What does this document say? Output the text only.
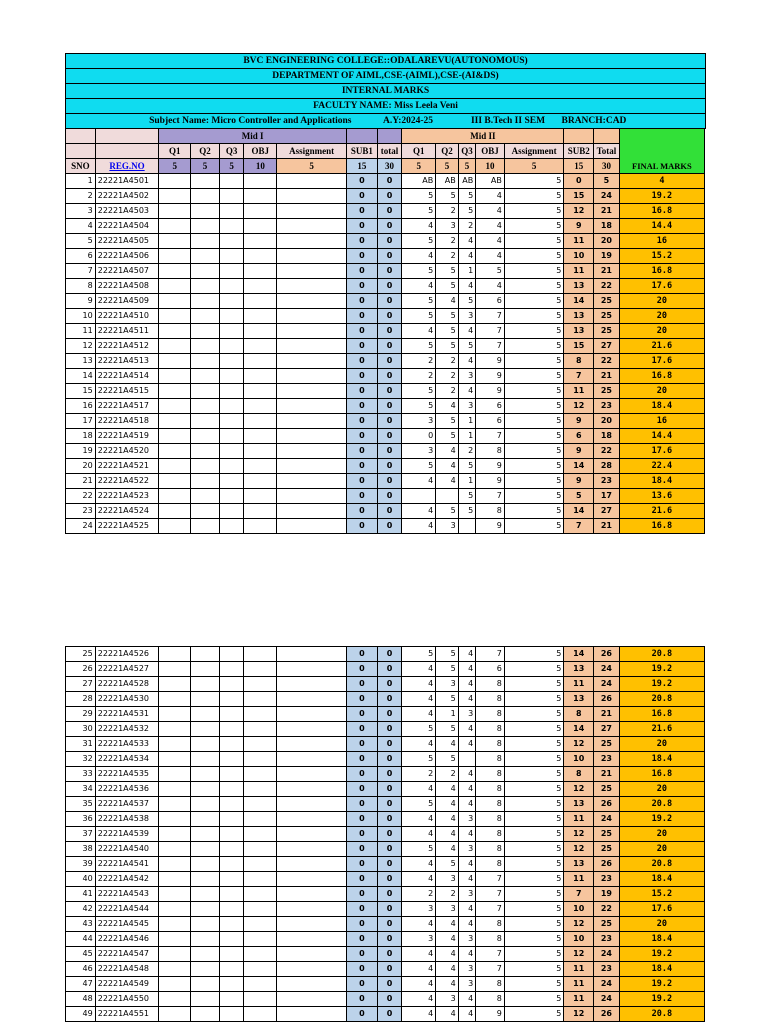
BVC ENGINEERING COLLEGE::ODALAREVU(AUTONOMOUS)
DEPARTMENT OF AIML,CSE-(AIML),CSE-(AI&DS)
INTERNAL MARKS
FACULTY NAME: Miss Leela Veni
Subject Name: Micro Controller and Applications	A.Y:2024-25	III B.Tech II SEM	BRANCH:CAD
		Mid I							Mid II							FINAL MARKS
		Q1	Q2	Q3	OBJ	Assignment	SUB1	total	Q1	Q2	Q3	OBJ	Assignment	SUB2	Total	
SNO	REG.NO	5	5	5	10	5	15	30	5	5	5	10	5	15	30	
1	22221A4501						0	0	AB	AB	AB	AB	5	0	5	4
2	22221A4502						0	0	5	5	5	4	5	15	24	19.2
3	22221A4503						0	0	5	2	5	4	5	12	21	16.8
4	22221A4504						0	0	4	3	2	4	5	9	18	14.4
5	22221A4505						0	0	5	2	4	4	5	11	20	16
6	22221A4506						0	0	4	2	4	4	5	10	19	15.2
7	22221A4507						0	0	5	5	1	5	5	11	21	16.8
8	22221A4508						0	0	4	5	4	4	5	13	22	17.6
9	22221A4509						0	0	5	4	5	6	5	14	25	20
10	22221A4510						0	0	5	5	3	7	5	13	25	20
11	22221A4511						0	0	4	5	4	7	5	13	25	20
12	22221A4512						0	0	5	5	5	7	5	15	27	21.6
13	22221A4513						0	0	2	2	4	9	5	8	22	17.6
14	22221A4514						0	0	2	2	3	9	5	7	21	16.8
15	22221A4515						0	0	5	2	4	9	5	11	25	20
16	22221A4517						0	0	5	4	3	6	5	12	23	18.4
17	22221A4518						0	0	3	5	1	6	5	9	20	16
18	22221A4519						0	0	0	5	1	7	5	6	18	14.4
19	22221A4520						0	0	3	4	2	8	5	9	22	17.6
20	22221A4521						0	0	5	4	5	9	5	14	28	22.4
21	22221A4522						0	0	4	4	1	9	5	9	23	18.4
22	22221A4523						0	0			5	7	5	5	17	13.6
23	22221A4524						0	0	4	5	5	8	5	14	27	21.6
24	22221A4525						0	0	4	3		9	5	7	21	16.8
25	22221A4526						0	0	5	5	4	7	5	14	26	20.8
26	22221A4527						0	0	4	5	4	6	5	13	24	19.2
27	22221A4528						0	0	4	3	4	8	5	11	24	19.2
28	22221A4530						0	0	4	5	4	8	5	13	26	20.8
29	22221A4531						0	0	4	1	3	8	5	8	21	16.8
30	22221A4532						0	0	5	5	4	8	5	14	27	21.6
31	22221A4533						0	0	4	4	4	8	5	12	25	20
32	22221A4534						0	0	5	5		8	5	10	23	18.4
33	22221A4535						0	0	2	2	4	8	5	8	21	16.8
34	22221A4536						0	0	4	4	4	8	5	12	25	20
35	22221A4537						0	0	5	4	4	8	5	13	26	20.8
36	22221A4538						0	0	4	4	3	8	5	11	24	19.2
37	22221A4539						0	0	4	4	4	8	5	12	25	20
38	22221A4540						0	0	5	4	3	8	5	12	25	20
39	22221A4541						0	0	4	5	4	8	5	13	26	20.8
40	22221A4542						0	0	4	3	4	7	5	11	23	18.4
41	22221A4543						0	0	2	2	3	7	5	7	19	15.2
42	22221A4544						0	0	3	3	4	7	5	10	22	17.6
43	22221A4545						0	0	4	4	4	8	5	12	25	20
44	22221A4546						0	0	3	4	3	8	5	10	23	18.4
45	22221A4547						0	0	4	4	4	7	5	12	24	19.2
46	22221A4548						0	0	4	4	3	7	5	11	23	18.4
47	22221A4549						0	0	4	4	3	8	5	11	24	19.2
48	22221A4550						0	0	4	3	4	8	5	11	24	19.2
49	22221A4551						0	0	4	4	4	9	5	12	26	20.8
